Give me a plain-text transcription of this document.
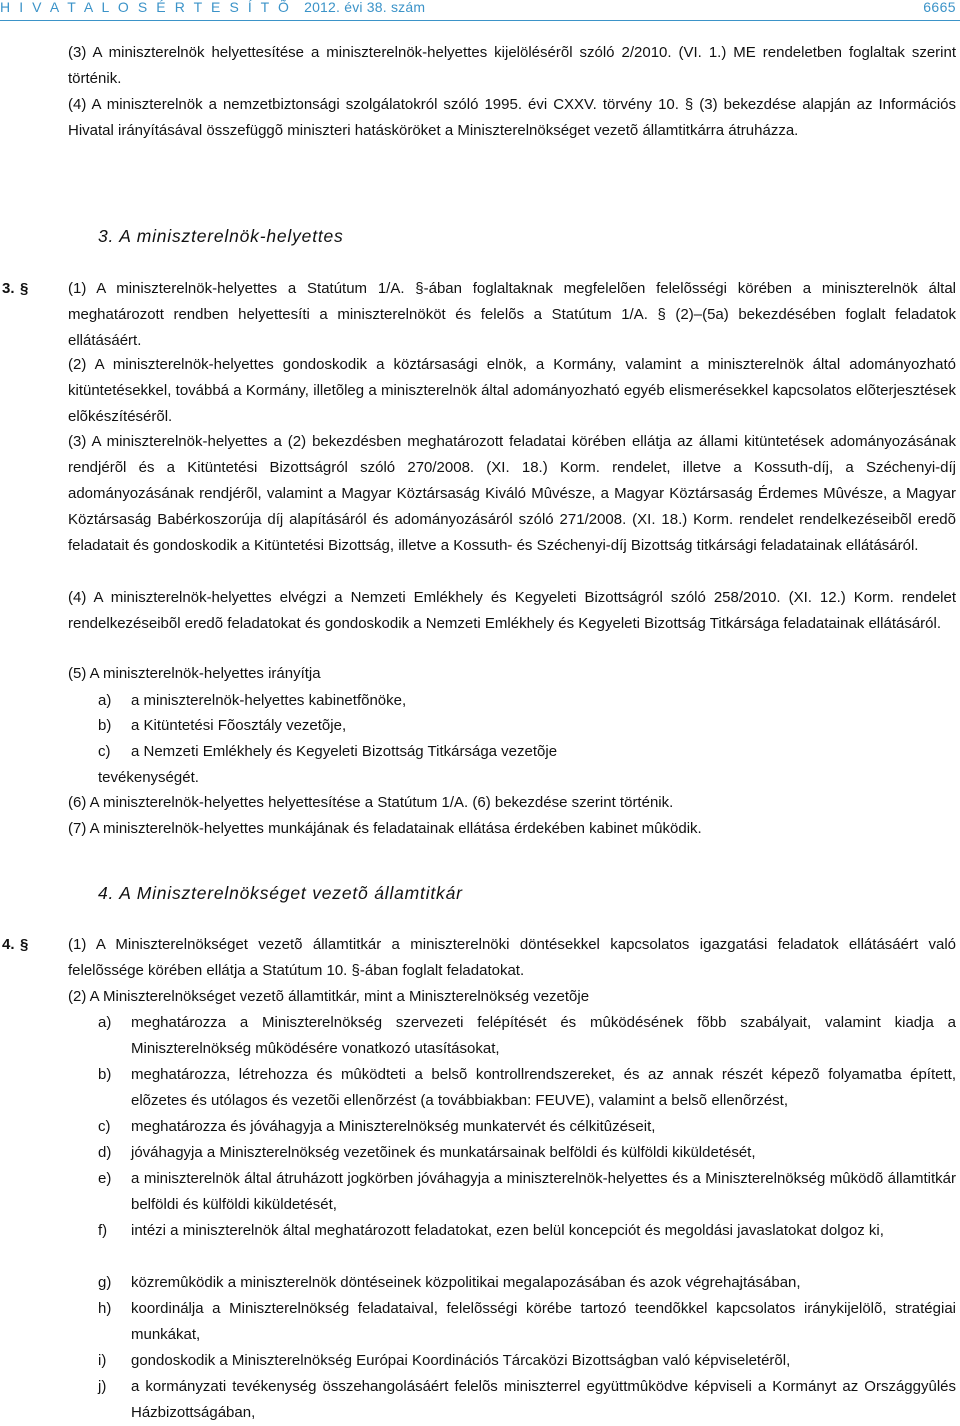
H I V A T A L O S É R T E S Í T Õ 2012. évi 38. szám	6665
(3) A miniszterelnök helyettesítése a miniszterelnök-helyettes kijelölésérõl szóló 2/2010. (VI. 1.) ME rendeletben foglaltak szerint történik.
(4) A miniszterelnök a nemzetbiztonsági szolgálatokról szóló 1995. évi CXXV. törvény 10. § (3) bekezdése alapján az Információs Hivatal irányításával összefüggõ miniszteri hatásköröket a Miniszterelnökséget vezetõ államtitkárra átruházza.
3. A miniszterelnök-helyettes
3. §	(1) A miniszterelnök-helyettes a Statútum 1/A. §-ában foglaltaknak megfelelõen felelõsségi körében a miniszterelnök által meghatározott rendben helyettesíti a miniszterelnököt és felelõs a Statútum 1/A. § (2)–(5a) bekezdésében foglalt feladatok ellátásáért.
(2) A miniszterelnök-helyettes gondoskodik a köztársasági elnök, a Kormány, valamint a miniszterelnök által adományozható kitüntetésekkel, továbbá a Kormány, illetõleg a miniszterelnök által adományozható egyéb elismerésekkel kapcsolatos elõterjesztések elõkészítésérõl.
(3) A miniszterelnök-helyettes a (2) bekezdésben meghatározott feladatai körében ellátja az állami kitüntetések adományozásának rendjérõl és a Kitüntetési Bizottságról szóló 270/2008. (XI. 18.) Korm. rendelet, illetve a Kossuth-díj, a Széchenyi-díj adományozásának rendjérõl, valamint a Magyar Köztársaság Kiváló Mûvésze, a Magyar Köztársaság Érdemes Mûvésze, a Magyar Köztársaság Babérkoszorúja díj alapításáról és adományozásáról szóló 271/2008. (XI. 18.) Korm. rendelet rendelkezéseibõl eredõ feladatait és gondoskodik a Kitüntetési Bizottság, illetve a Kossuth- és Széchenyi-díj Bizottság titkársági feladatainak ellátásáról.
(4) A miniszterelnök-helyettes elvégzi a Nemzeti Emlékhely és Kegyeleti Bizottságról szóló 258/2010. (XI. 12.) Korm. rendelet rendelkezéseibõl eredõ feladatokat és gondoskodik a Nemzeti Emlékhely és Kegyeleti Bizottság Titkársága feladatainak ellátásáról.
(5) A miniszterelnök-helyettes irányítja
a) a miniszterelnök-helyettes kabinetfõnöke,
b) a Kitüntetési Fõosztály vezetõje,
c) a Nemzeti Emlékhely és Kegyeleti Bizottság Titkársága vezetõje
tevékenységét.
(6) A miniszterelnök-helyettes helyettesítése a Statútum 1/A. (6) bekezdése szerint történik.
(7) A miniszterelnök-helyettes munkájának és feladatainak ellátása érdekében kabinet mûködik.
4. A Miniszterelnökséget vezetõ államtitkár
4. §	(1) A Miniszterelnökséget vezetõ államtitkár a miniszterelnöki döntésekkel kapcsolatos igazgatási feladatok ellátásáért való felelõssége körében ellátja a Statútum 10. §-ában foglalt feladatokat.
(2) A Miniszterelnökséget vezetõ államtitkár, mint a Miniszterelnökség vezetõje
a) meghatározza a Miniszterelnökség szervezeti felépítését és mûködésének fõbb szabályait, valamint kiadja a Miniszterelnökség mûködésére vonatkozó utasításokat,
b) meghatározza, létrehozza és mûködteti a belsõ kontrollrendszereket, és az annak részét képezõ folyamatba épített, elõzetes és utólagos és vezetõi ellenõrzést (a továbbiakban: FEUVE), valamint a belsõ ellenõrzést,
c) meghatározza és jóváhagyja a Miniszterelnökség munkatervét és célkitûzéseit,
d) jóváhagyja a Miniszterelnökség vezetõinek és munkatársainak belföldi és külföldi kiküldetését,
e) a miniszterelnök által átruházott jogkörben jóváhagyja a miniszterelnök-helyettes és a Miniszterelnökség mûködõ államtitkár belföldi és külföldi kiküldetését,
f) intézi a miniszterelnök által meghatározott feladatokat, ezen belül koncepciót és megoldási javaslatokat dolgoz ki,
g) közremûködik a miniszterelnök döntéseinek közpolitikai megalapozásában és azok végrehajtásában,
h) koordinálja a Miniszterelnökség feladataival, felelõsségi körébe tartozó teendõkkel kapcsolatos iránykijelölõ, stratégiai munkákat,
i) gondoskodik a Miniszterelnökség Európai Koordinációs Tárcaközi Bizottságban való képviseletérõl,
j) a kormányzati tevékenység összehangolásáért felelõs miniszterrel együttmûködve képviseli a Kormányt az Országgyûlés Házbizottságában,
